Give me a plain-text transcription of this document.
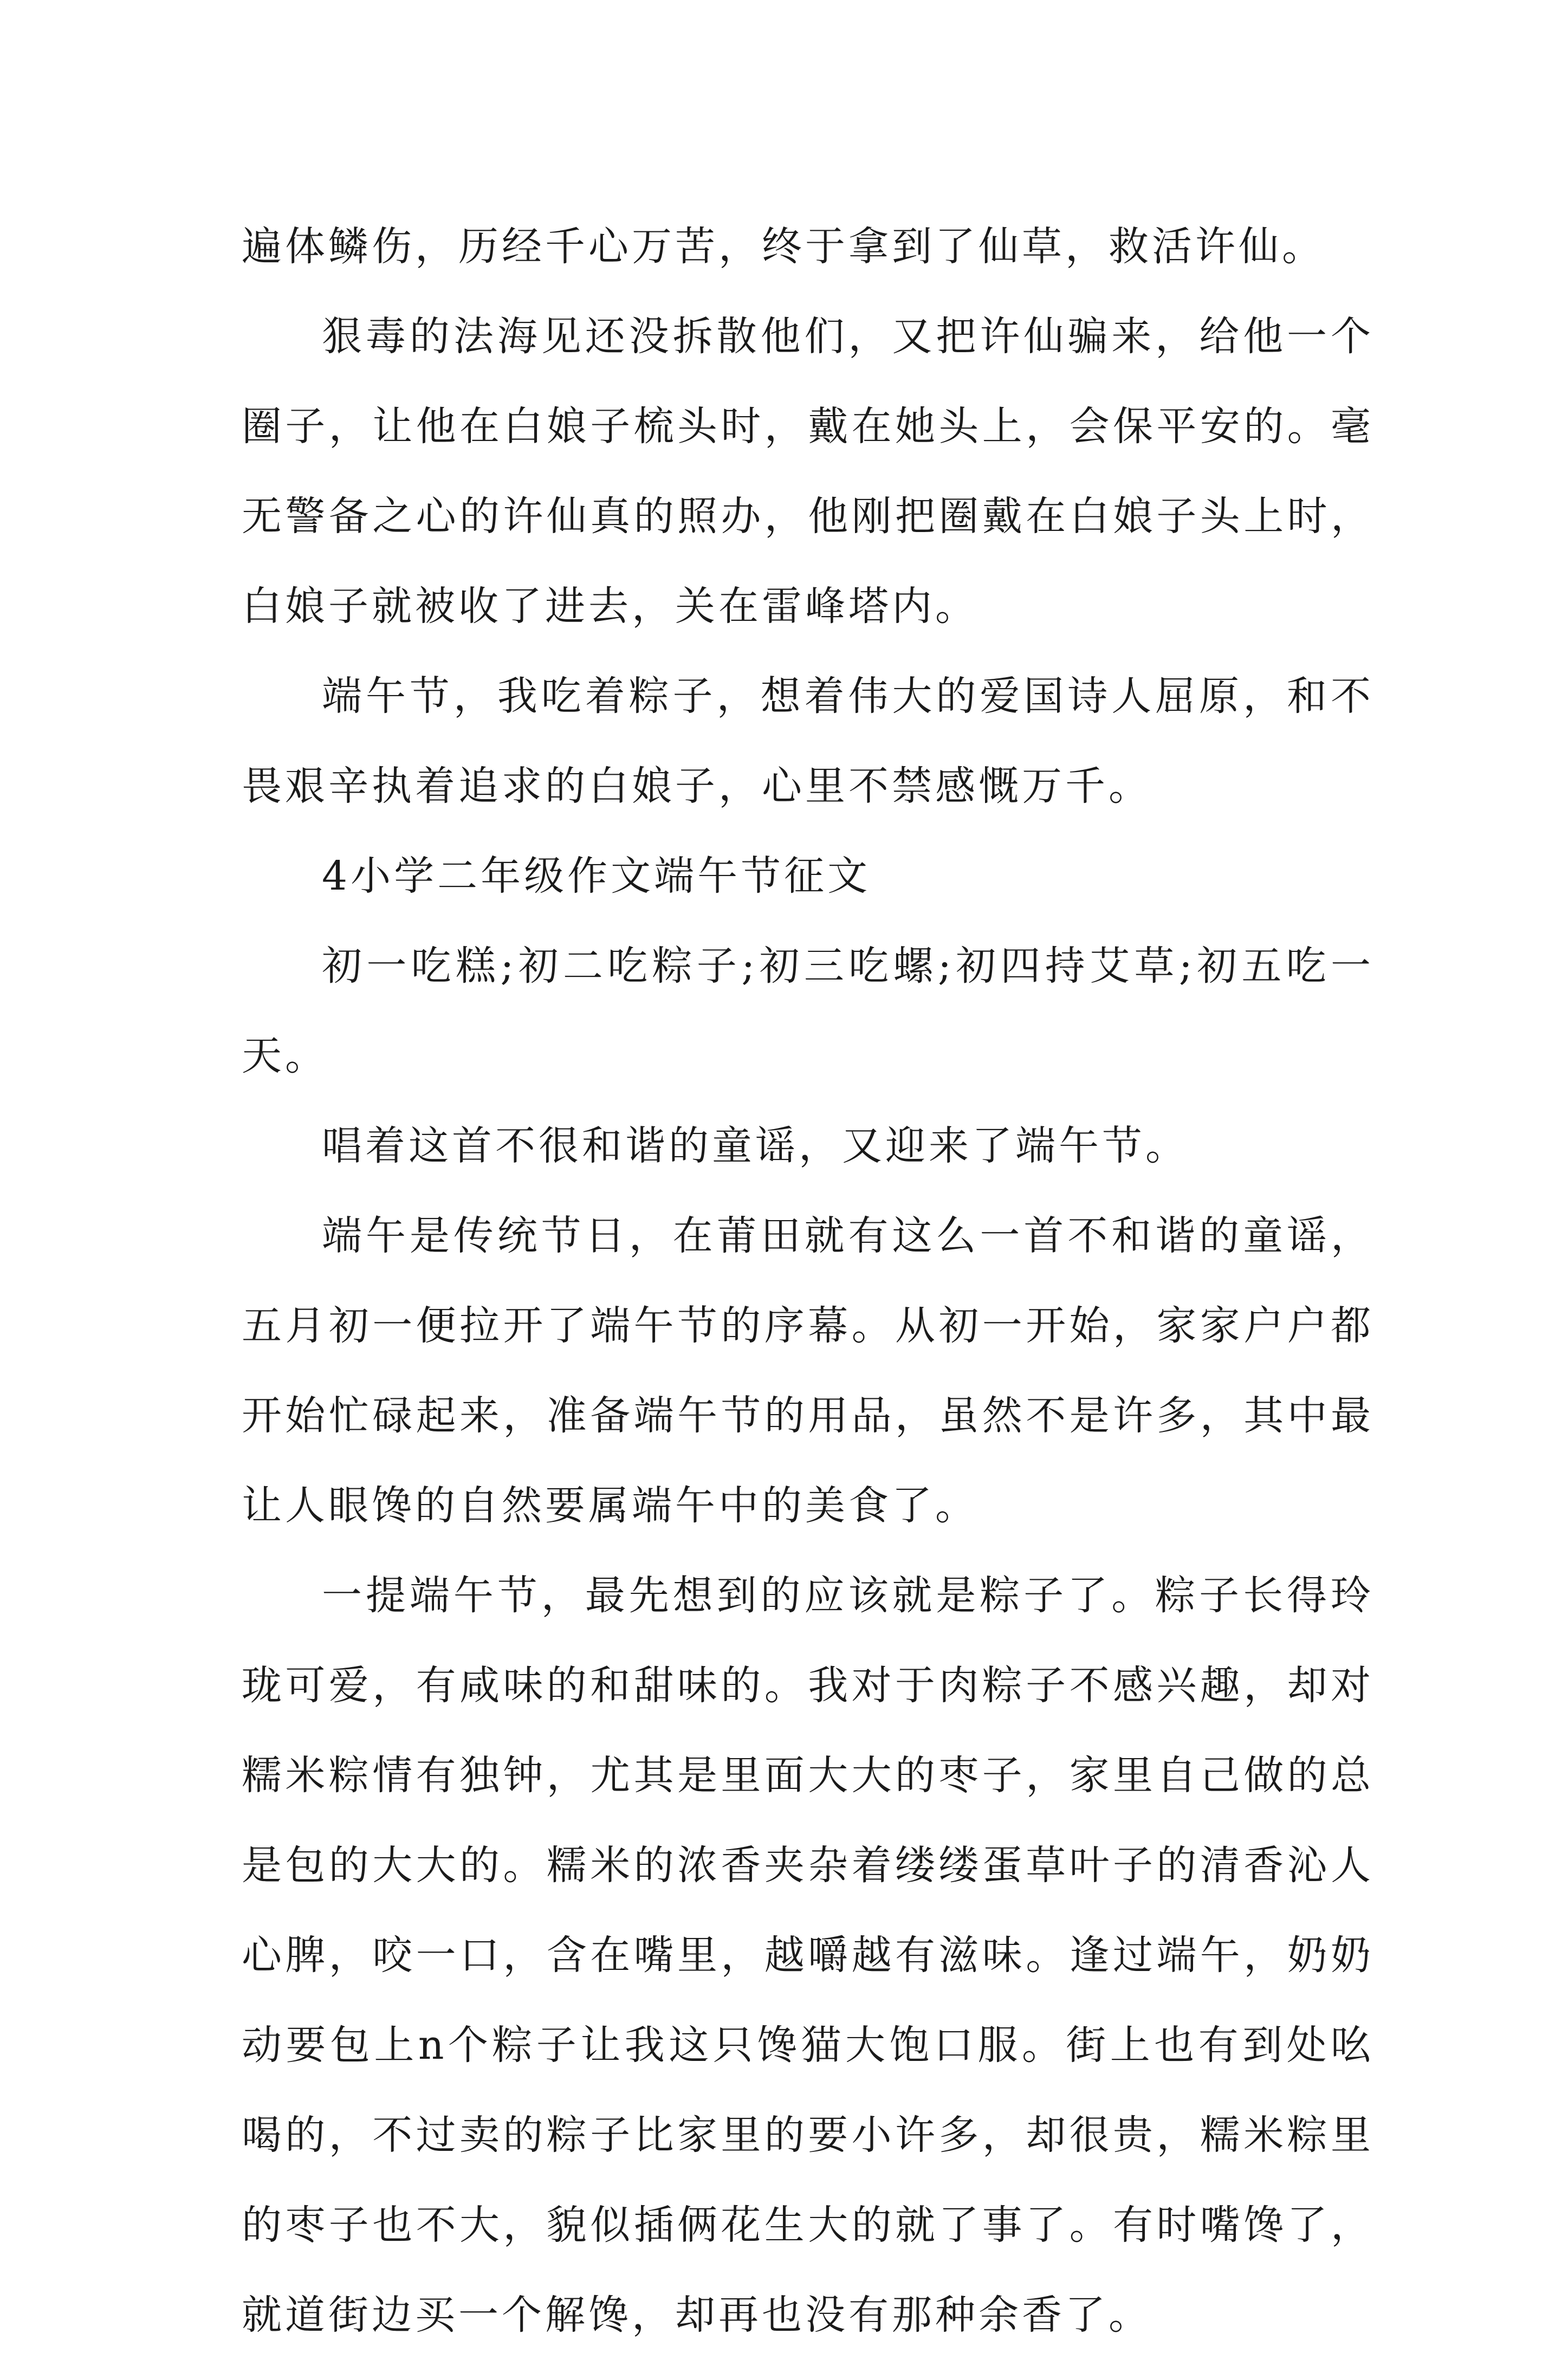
遍体鳞伤，历经千心万苦，终于拿到了仙草，救活许仙。

狠毒的法海见还没拆散他们，又把许仙骗来，给他一个圈子，让他在白娘子梳头时，戴在她头上，会保平安的。毫无警备之心的许仙真的照办，他刚把圈戴在白娘子头上时，白娘子就被收了进去，关在雷峰塔内。

端午节，我吃着粽子，想着伟大的爱国诗人屈原，和不畏艰辛执着追求的白娘子，心里不禁感慨万千。

4小学二年级作文端午节征文

初一吃糕;初二吃粽子;初三吃螺;初四持艾草;初五吃一天。

唱着这首不很和谐的童谣，又迎来了端午节。

端午是传统节日，在莆田就有这么一首不和谐的童谣，五月初一便拉开了端午节的序幕。从初一开始，家家户户都开始忙碌起来，准备端午节的用品，虽然不是许多，其中最让人眼馋的自然要属端午中的美食了。

一提端午节，最先想到的应该就是粽子了。粽子长得玲珑可爱，有咸味的和甜味的。我对于肉粽子不感兴趣，却对糯米粽情有独钟，尤其是里面大大的枣子，家里自己做的总是包的大大的。糯米的浓香夹杂着缕缕蛋草叶子的清香沁人心脾，咬一口，含在嘴里，越嚼越有滋味。逢过端午，奶奶动要包上n个粽子让我这只馋猫大饱口服。街上也有到处吆喝的，不过卖的粽子比家里的要小许多，却很贵，糯米粽里的枣子也不大，貌似插俩花生大的就了事了。有时嘴馋了，就道街边买一个解馋，却再也没有那种余香了。
